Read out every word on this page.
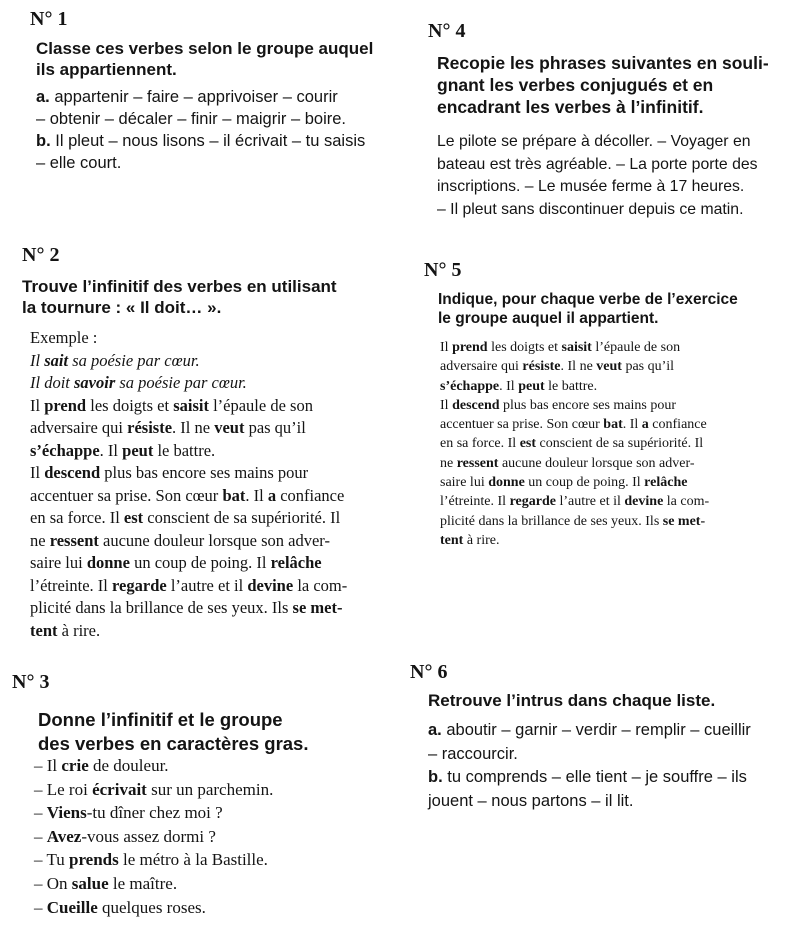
N° 1
Classe ces verbes selon le groupe auquel
ils appartiennent.
a. appartenir – faire – apprivoiser – courir
– obtenir – décaler – finir – maigrir – boire.
b. Il pleut – nous lisons – il écrivait – tu saisis
– elle court.
N° 2
Trouve l’infinitif des verbes en utilisant
la tournure : « Il doit… ».
Exemple :
Il sait sa poésie par cœur.
Il doit savoir sa poésie par cœur.
Il prend les doigts et saisit l’épaule de son
adversaire qui résiste. Il ne veut pas qu’il
s’échappe. Il peut le battre.
Il descend plus bas encore ses mains pour
accentuer sa prise. Son cœur bat. Il a confiance
en sa force. Il est conscient de sa supériorité. Il
ne ressent aucune douleur lorsque son adver-
saire lui donne un coup de poing. Il relâche
l’étreinte. Il regarde l’autre et il devine la com-
plicité dans la brillance de ses yeux. Ils se met-
tent à rire.
N° 3
Donne l’infinitif et le groupe
des verbes en caractères gras.
– Il crie de douleur.
– Le roi écrivait sur un parchemin.
– Viens-tu dîner chez moi ?
– Avez-vous assez dormi ?
– Tu prends le métro à la Bastille.
– On salue le maître.
– Cueille quelques roses.
N° 4
Recopie les phrases suivantes en souli-
gnant les verbes conjugués et en
encadrant les verbes à l’infinitif.
Le pilote se prépare à décoller. – Voyager en
bateau est très agréable. – La porte porte des
inscriptions. – Le musée ferme à 17 heures.
– Il pleut sans discontinuer depuis ce matin.
N° 5
Indique, pour chaque verbe de l’exercice
le groupe auquel il appartient.
Il prend les doigts et saisit l’épaule de son
adversaire qui résiste. Il ne veut pas qu’il
s’échappe. Il peut le battre.
Il descend plus bas encore ses mains pour
accentuer sa prise. Son cœur bat. Il a confiance
en sa force. Il est conscient de sa supériorité. Il
ne ressent aucune douleur lorsque son adver-
saire lui donne un coup de poing. Il relâche
l’étreinte. Il regarde l’autre et il devine la com-
plicité dans la brillance de ses yeux. Ils se met-
tent à rire.
N° 6
Retrouve l’intrus dans chaque liste.
a. aboutir – garnir – verdir – remplir – cueillir
– raccourcir.
b. tu comprends – elle tient – je souffre – ils
jouent – nous partons – il lit.
